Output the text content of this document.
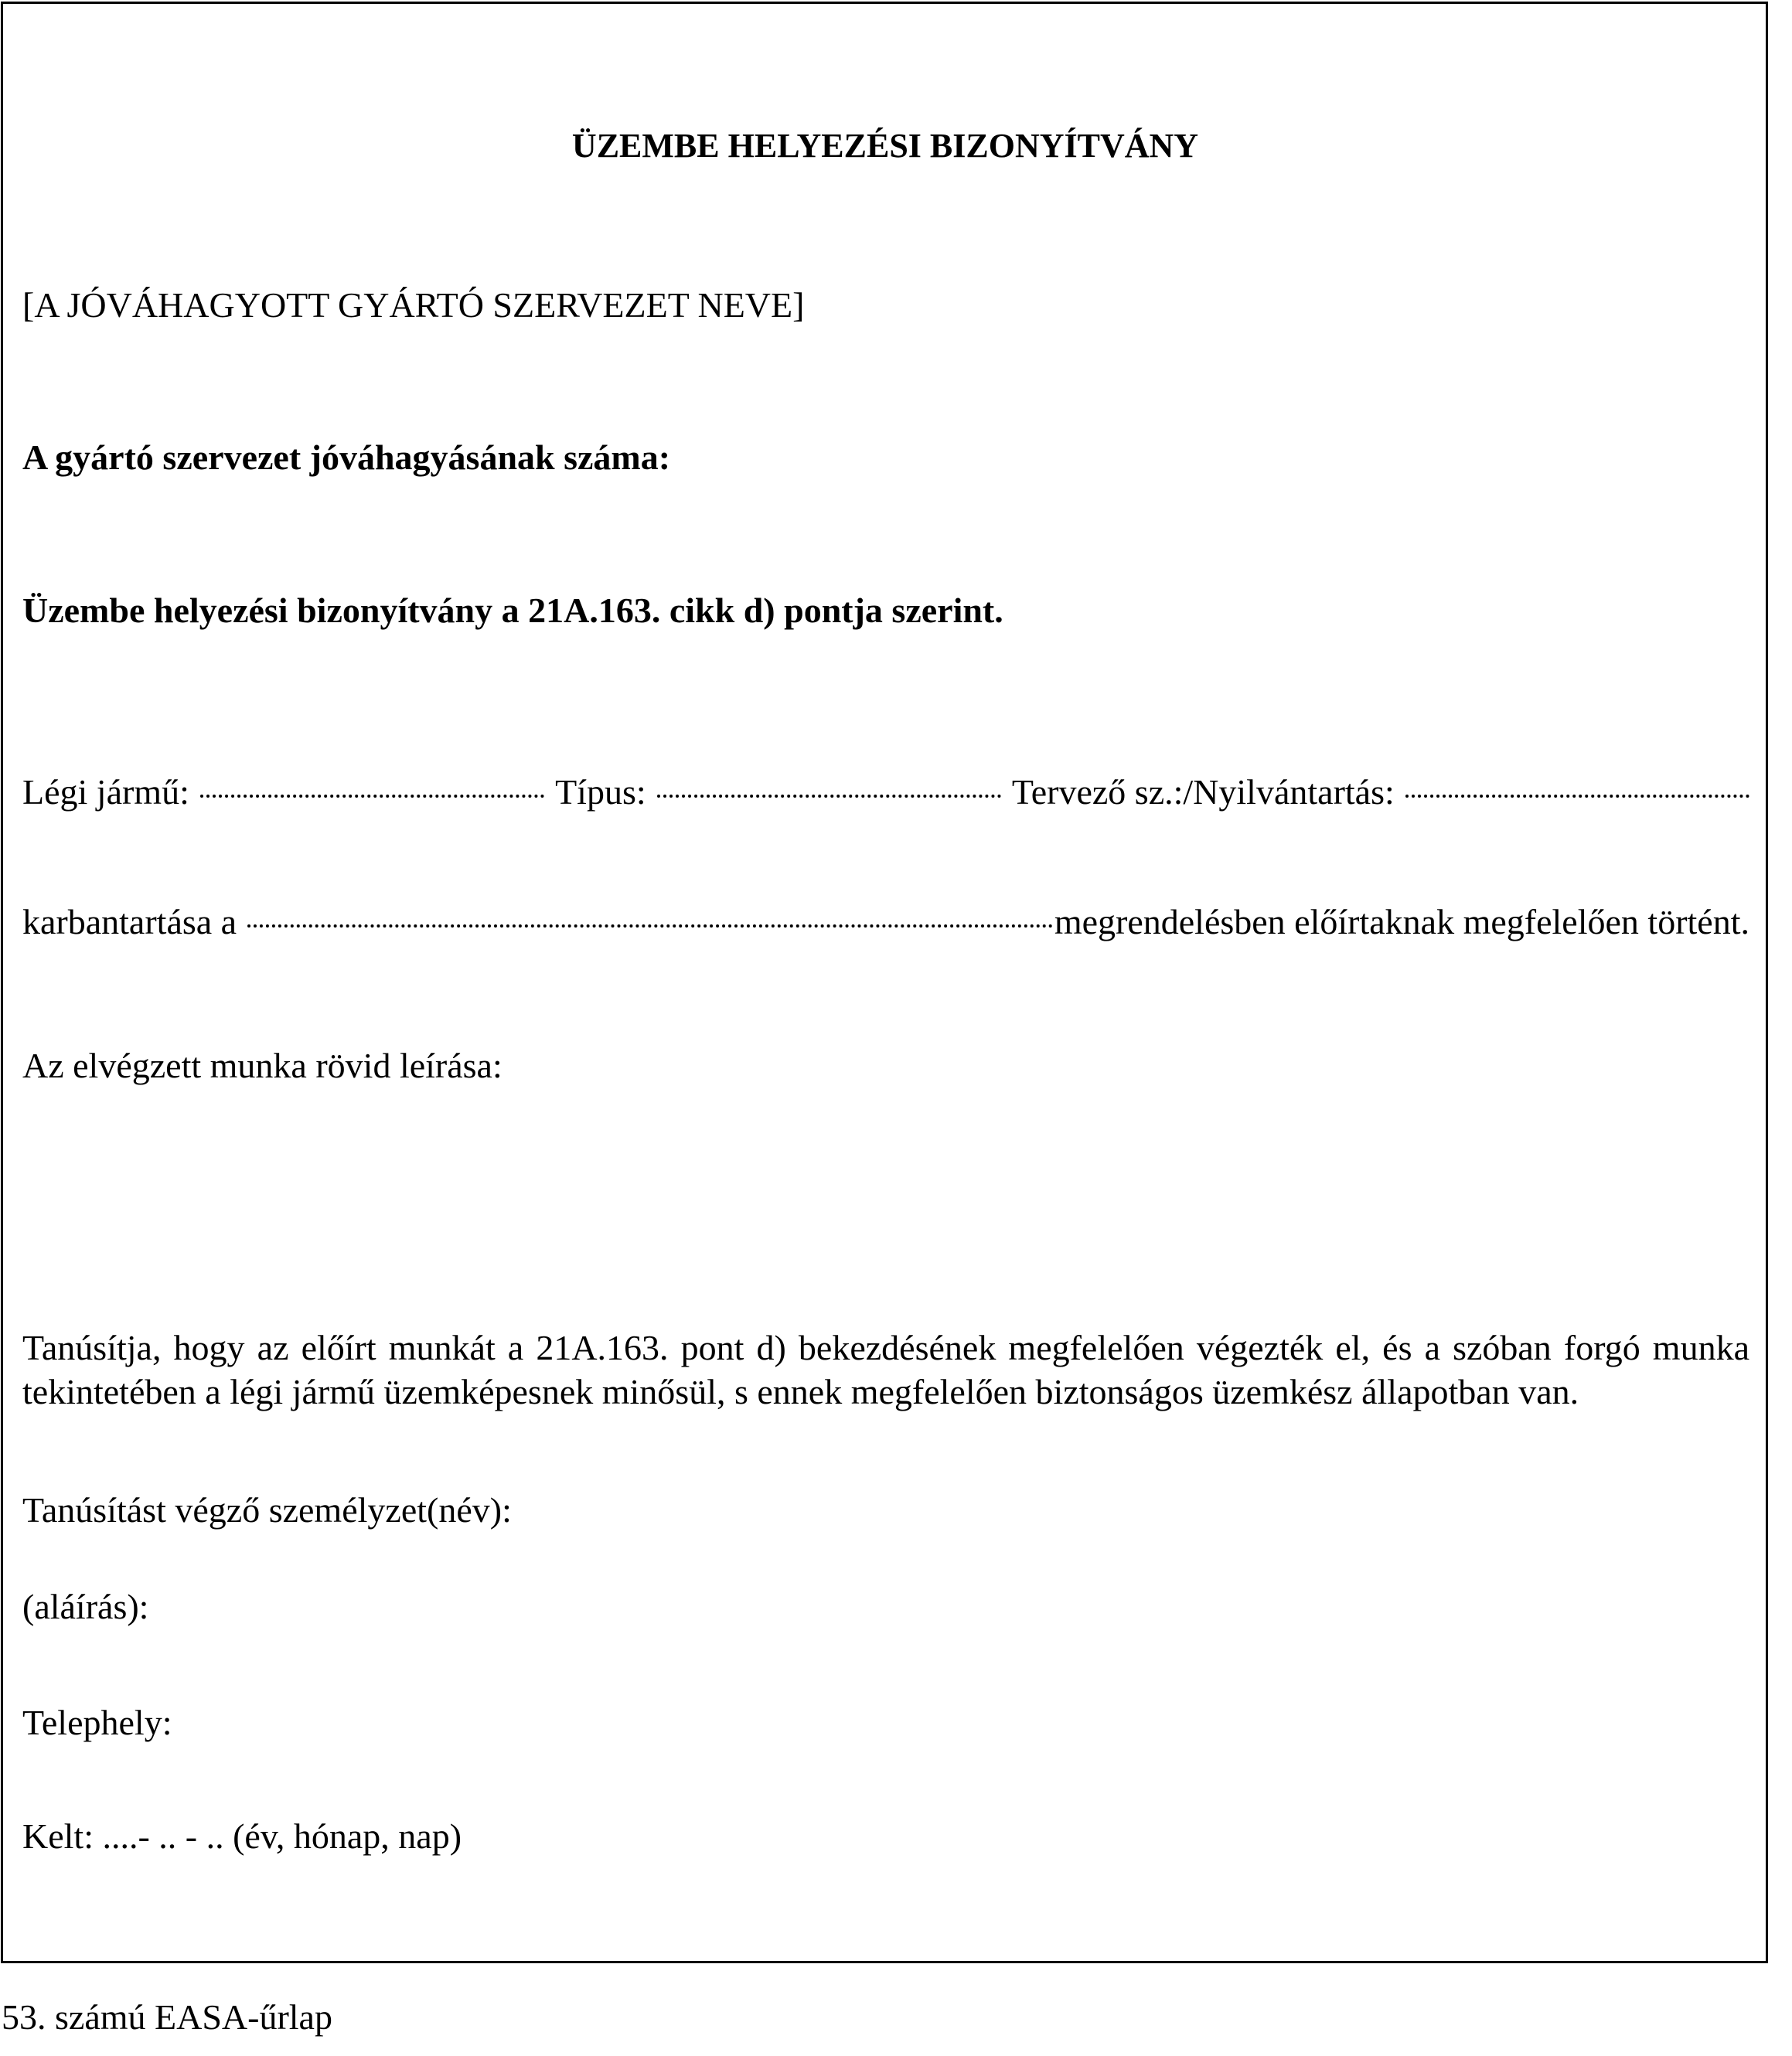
ÜZEMBE HELYEZÉSI BIZONYÍTVÁNY
[A JÓVÁHAGYOTT GYÁRTÓ SZERVEZET NEVE]
A gyártó szervezet jóváhagyásának száma:
Üzembe helyezési bizonyítvány a 21A.163. cikk d) pontja szerint.
Légi jármű:	Típus:	Tervező sz.:/Nyilvántartás:
karbantartása a	megrendelésben előírtaknak megfelelően történt.
Az elvégzett munka rövid leírása:
Tanúsítja, hogy az előírt munkát a 21A.163. pont d) bekezdésének megfelelően végezték el, és a szóban forgó munka
tekintetében a légi jármű üzemképesnek minősül, s ennek megfelelően biztonságos üzemkész állapotban van.
Tanúsítást végző személyzet(név):
(aláírás):
Telephely:
Kelt: ....- .. - .. (év, hónap, nap)
53. számú EASA-űrlap
